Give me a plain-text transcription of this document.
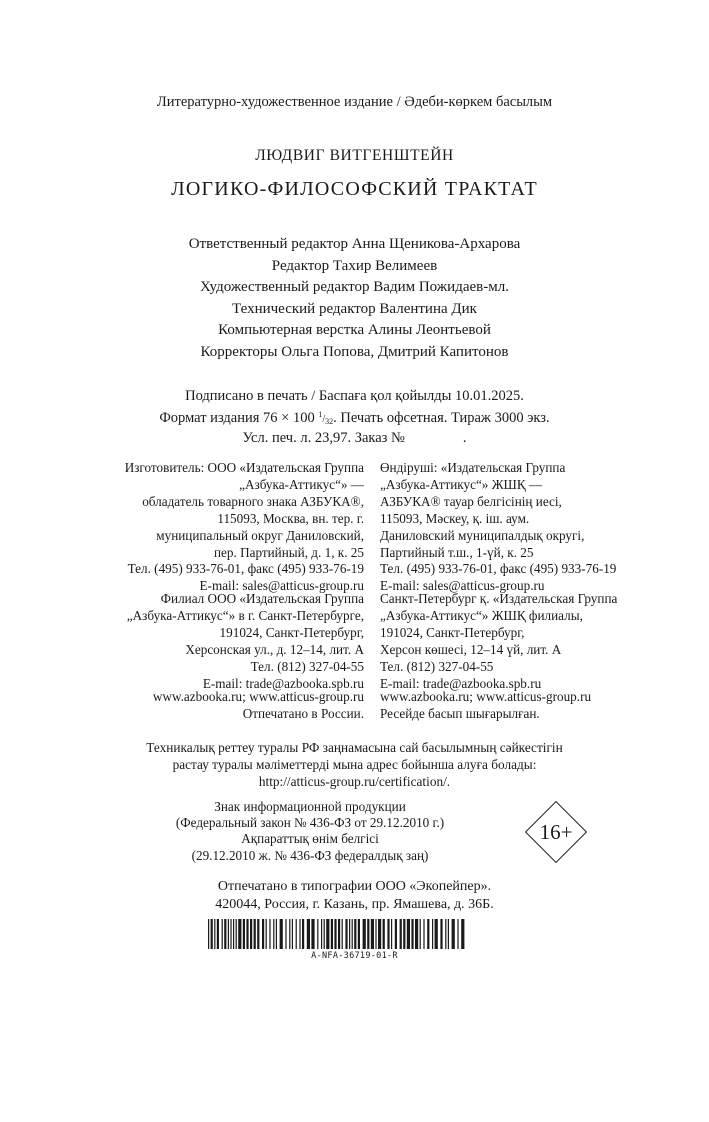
Литературно-художественное издание / Әдеби-көркем басылым
ЛЮДВИГ ВИТГЕНШТЕЙН
ЛОГИКО-ФИЛОСОФСКИЙ ТРАКТАТ
Ответственный редактор Анна Щеникова-Архарова
Редактор Тахир Велимеев
Художественный редактор Вадим Пожидаев-мл.
Технический редактор Валентина Дик
Компьютерная верстка Алины Леонтьевой
Корректоры Ольга Попова, Дмитрий Капитонов
Подписано в печать / Баспаға қол қойылды 10.01.2025.
Формат издания 76 × 100 $^1/_{32}$. Печать офсетная. Тираж 3000 экз.
Усл. печ. л. 23,97. Заказ №                .
Изготовитель: ООО «Издательская Группа
„Азбука-Аттикус“» —
обладатель товарного знака АЗБУКА®,
115093, Москва, вн. тер. г.
муниципальный округ Даниловский,
пер. Партийный, д. 1, к. 25
Тел. (495) 933-76-01, факс (495) 933-76-19
E-mail: sales@atticus-group.ru
Өндіруші: «Издательская Группа
„Азбука-Аттикус“» ЖШҚ —
АЗБУКА® тауар белгісінің иесі,
115093, Мәскеу, қ. іш. аум.
Даниловский муниципалдық округі,
Партийный т.ш., 1-үй, к. 25
Тел. (495) 933-76-01, факс (495) 933-76-19
E-mail: sales@atticus-group.ru
Филиал ООО «Издательская Группа
„Азбука-Аттикус“» в г. Санкт-Петербурге,
191024, Санкт-Петербург,
Херсонская ул., д. 12–14, лит. А
Тел. (812) 327-04-55
E-mail: trade@azbooka.spb.ru
Санкт-Петербург қ. «Издательская Группа
„Азбука-Аттикус“» ЖШҚ филиалы,
191024, Санкт-Петербург,
Херсон көшесі, 12–14 үй, лит. А
Тел. (812) 327-04-55
E-mail: trade@azbooka.spb.ru
www.azbooka.ru; www.atticus-group.ru
Отпечатано в России.
www.azbooka.ru; www.atticus-group.ru
Ресейде басып шығарылған.
Техникалық реттеу туралы РФ заңнамасына сай басылымның сәйкестігін
растау туралы мәліметтерді мына адрес бойынша алуға болады:
http://atticus-group.ru/certification/.
Знак информационной продукции
(Федеральный закон № 436-ФЗ от 29.12.2010 г.)
Ақпараттық өнім белгісі
(29.12.2010 ж. № 436-ФЗ федералдық заң)
16+
Отпечатано в типографии ООО «Экопейпер».
420044, Россия, г. Казань, пр. Ямашева, д. 36Б.
A-NFA-36719-01-R
